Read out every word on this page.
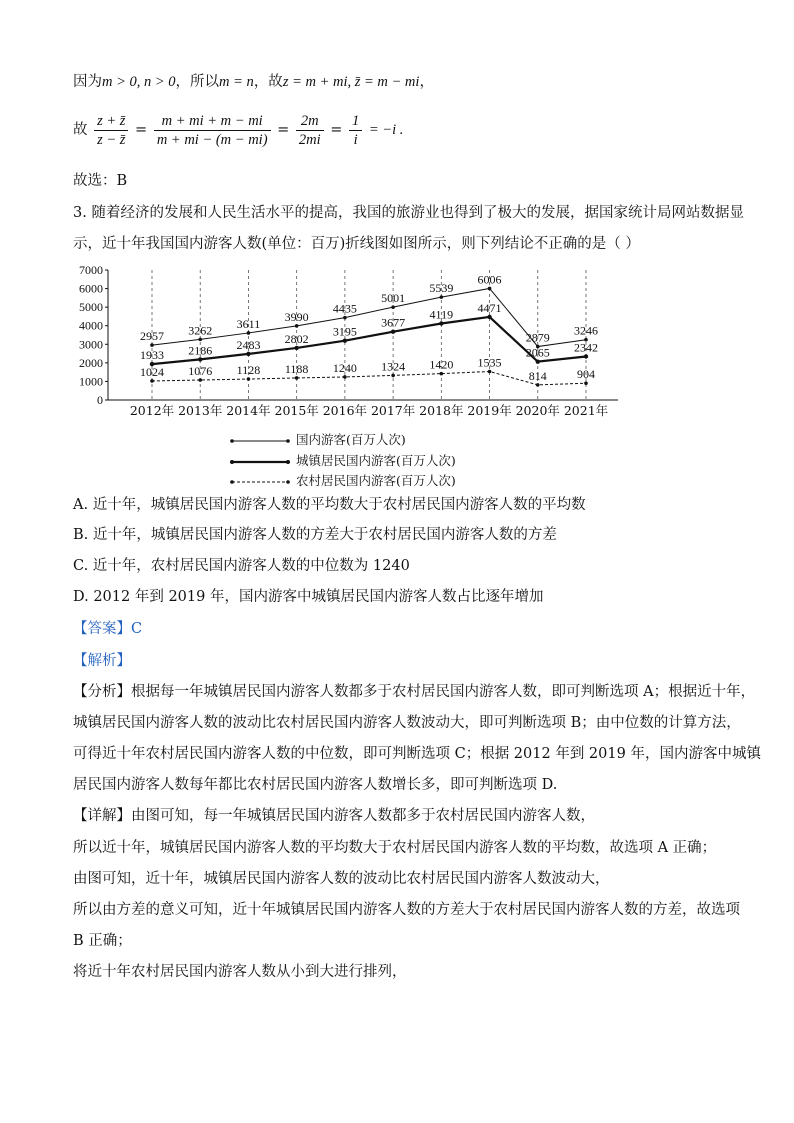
因为m > 0, n > 0，所以m = n，故z = m + mi, z̄ = m − mi，
故 $\frac{z + z̄}{z - z̄} = \frac{m + mi + m - mi}{m + mi - (m - mi)} = \frac{2m}{2mi} = \frac{1}{i} = -i$ .
故选：B
3. 随着经济的发展和人民生活水平的提高，我国的旅游业也得到了极大的发展，据国家统计局网站数据显
示，近十年我国国内游客人数(单位：百万)折线图如图所示，则下列结论不正确的是（ ）
0
1000
2000
3000
4000
5000
6000
7000
2012年 2013年 2014年 2015年 2016年 2017年 2018年 2019年 2020年 2021年
2957 3262 3611
3990
4435
5001
5539
6006
2879 3246
1933 2186 2483 2802
3195
3677
4119 4471
2065 2342
1024 1076 1128 1188 1240 1324 1420 1535
814	904
国内游客(百万人次)
城镇居民国内游客(百万人次)
农村居民国内游客(百万人次)
A. 近十年，城镇居民国内游客人数的平均数大于农村居民国内游客人数的平均数
B. 近十年，城镇居民国内游客人数的方差大于农村居民国内游客人数的方差
C. 近十年，农村居民国内游客人数的中位数为 1240
D. 2012 年到 2019 年，国内游客中城镇居民国内游客人数占比逐年增加
【答案】C
【解析】
【分析】根据每一年城镇居民国内游客人数都多于农村居民国内游客人数，即可判断选项 A；根据近十年，
城镇居民国内游客人数的波动比农村居民国内游客人数波动大，即可判断选项 B；由中位数的计算方法，
可得近十年农村居民国内游客人数的中位数，即可判断选项 C；根据 2012 年到 2019 年，国内游客中城镇
居民国内游客人数每年都比农村居民国内游客人数增长多，即可判断选项 D.
【详解】由图可知，每一年城镇居民国内游客人数都多于农村居民国内游客人数，
所以近十年，城镇居民国内游客人数的平均数大于农村居民国内游客人数的平均数，故选项 A 正确；
由图可知，近十年，城镇居民国内游客人数的波动比农村居民国内游客人数波动大，
所以由方差的意义可知，近十年城镇居民国内游客人数的方差大于农村居民国内游客人数的方差，故选项
B 正确；
将近十年农村居民国内游客人数从小到大进行排列，
